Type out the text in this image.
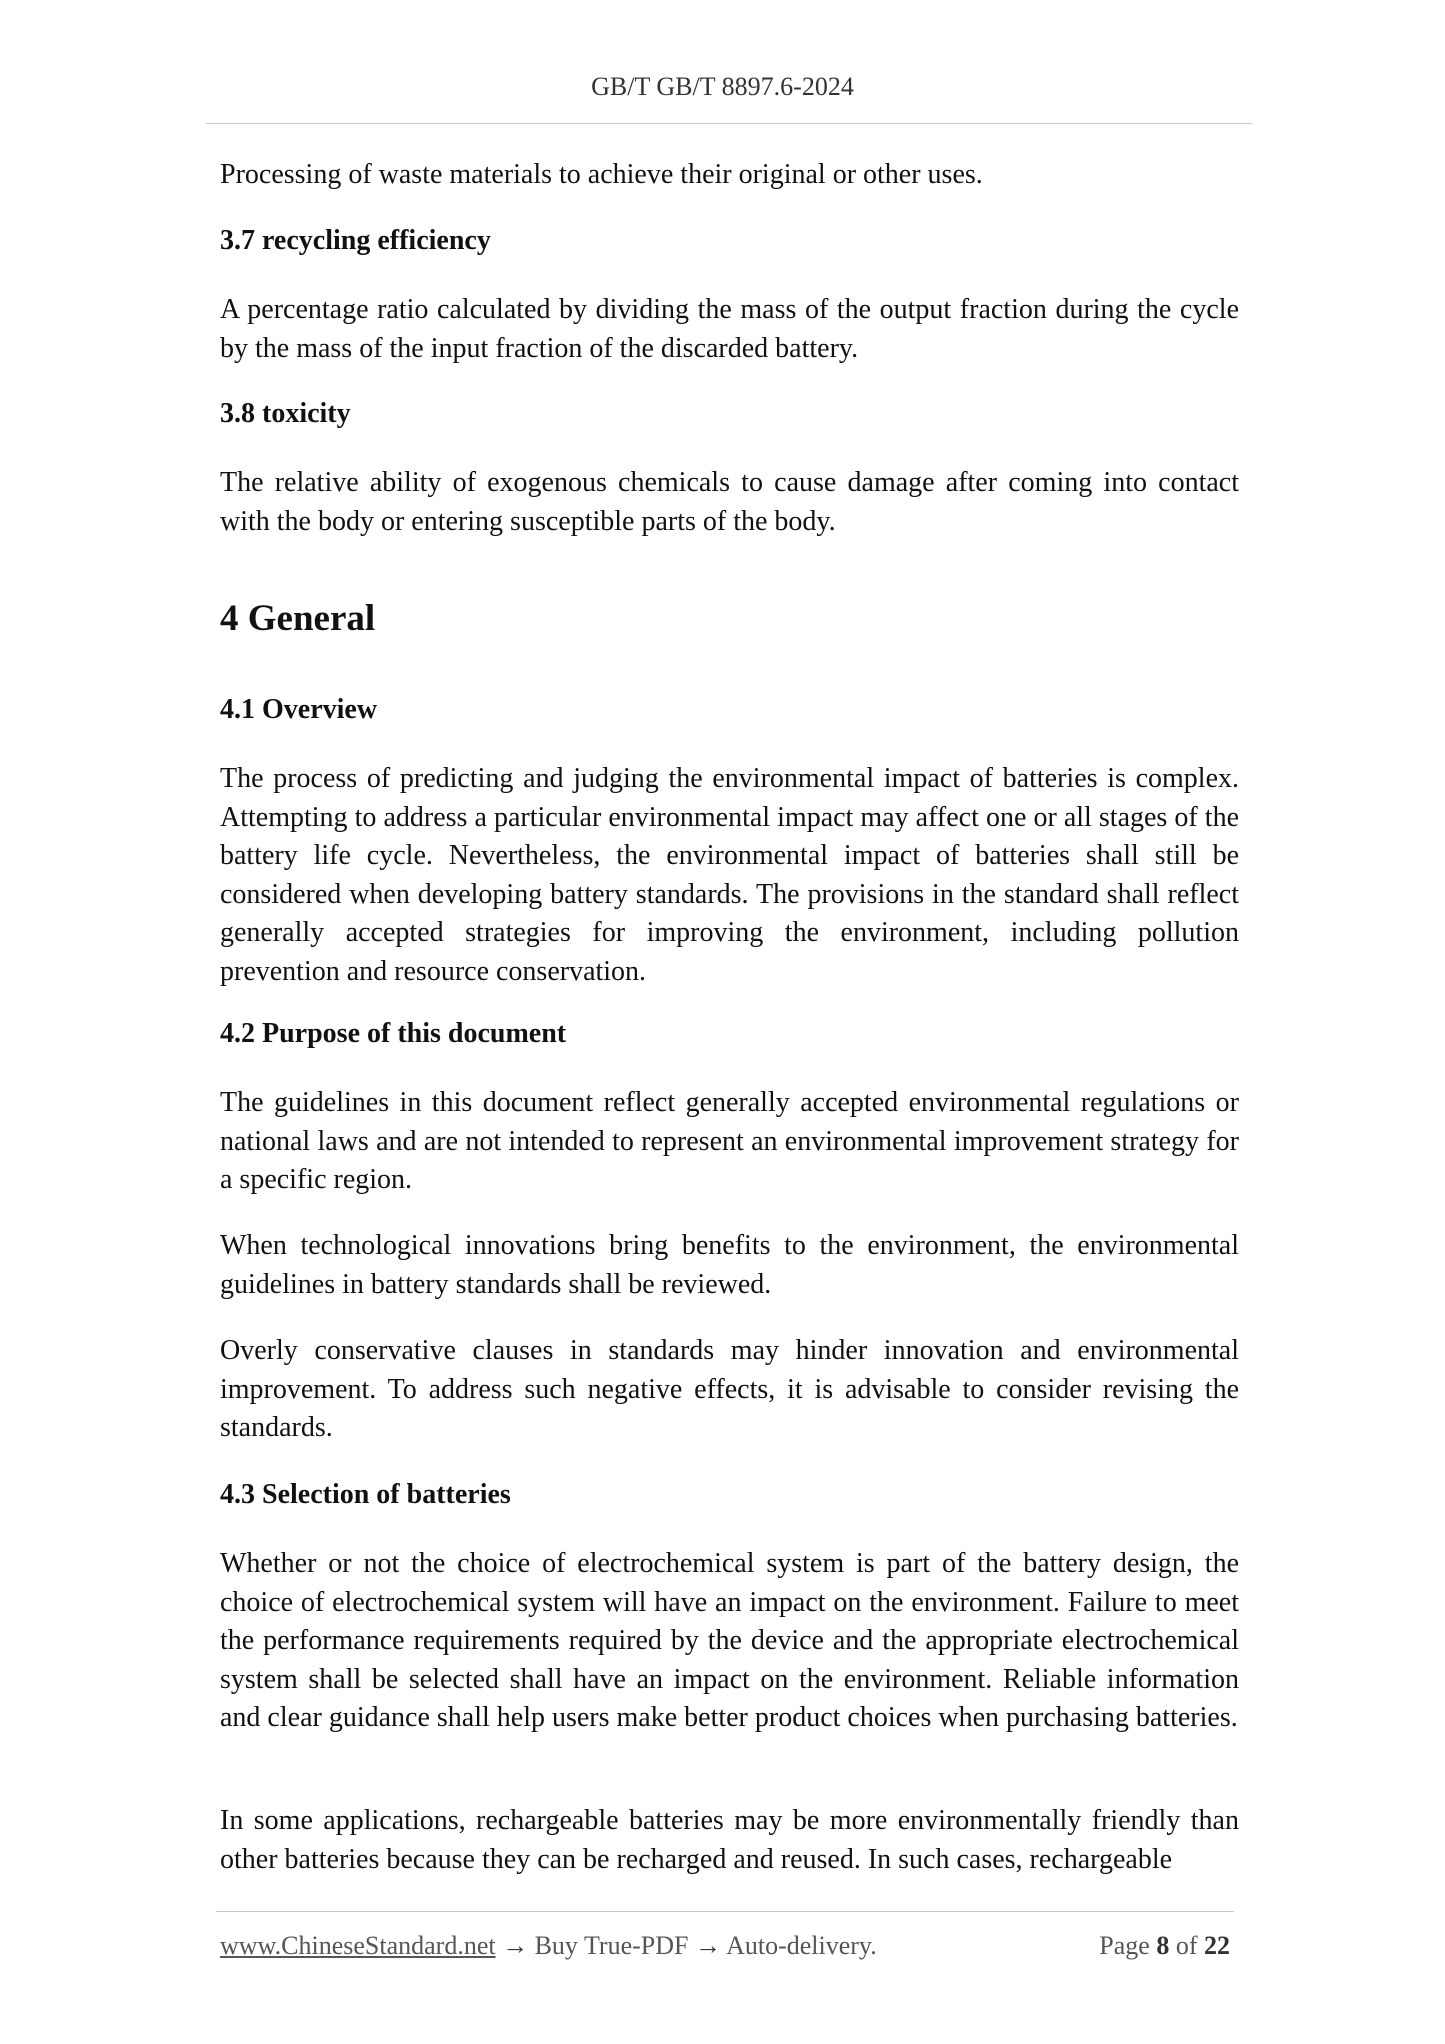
GB/T GB/T 8897.6-2024

Processing of waste materials to achieve their original or other uses.

3.7 recycling efficiency

A percentage ratio calculated by dividing the mass of the output fraction during the cycle by the mass of the input fraction of the discarded battery.

3.8 toxicity

The relative ability of exogenous chemicals to cause damage after coming into contact with the body or entering susceptible parts of the body.

4 General
4.1 Overview

The process of predicting and judging the environmental impact of batteries is complex. Attempting to address a particular environmental impact may affect one or all stages of the battery life cycle. Nevertheless, the environmental impact of batteries shall still be considered when developing battery standards. The provisions in the standard shall reflect generally accepted strategies for improving the environment, including pollution prevention and resource conservation.

4.2 Purpose of this document

The guidelines in this document reflect generally accepted environmental regulations or national laws and are not intended to represent an environmental improvement strategy for a specific region.

When technological innovations bring benefits to the environment, the environmental guidelines in battery standards shall be reviewed.

Overly conservative clauses in standards may hinder innovation and environmental improvement. To address such negative effects, it is advisable to consider revising the standards.

4.3 Selection of batteries

Whether or not the choice of electrochemical system is part of the battery design, the choice of electrochemical system will have an impact on the environment. Failure to meet the performance requirements required by the device and the appropriate electrochemical system shall be selected shall have an impact on the environment. Reliable information and clear guidance shall help users make better product choices when purchasing batteries.

In some applications, rechargeable batteries may be more environmentally friendly than other batteries because they can be recharged and reused. In such cases, rechargeable

www.ChineseStandard.net → Buy True-PDF → Auto-delivery.	Page 8 of 22
